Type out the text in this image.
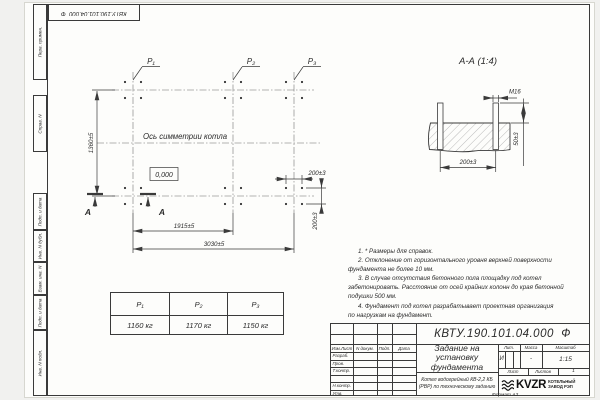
КВТУ.190.101.04.000  Ф
Перв. примен.
Справ. N
Подп. и дата
Инв. N дубл.
Взам. инв. N
Подп. и дата
Инв. N подл.
P₁	P₂	P₃
Ось симметрии котла
0,000
1360±5
1915±5
3030±5
200±3
200±3
А	А
А-А (1:4)
М16
50±3
200±3
1. * Размеры для справок.
2. Отклонение от горизонтального уровня верхней поверхности
фундамента не более 10 мм.
3. В случае отсутствия бетонного пола площадку под котел
забетонировать. Расстояние от осей крайних колонн до края бетонной
подушки 500 мм.
4. Фундамент под котел разрабатывает проектная организация
по нагрузкам на фундамент.
P₁	P₂	P₃
1160 кг	1170 кг	1150 кг
КВТУ.190.101.04.000  Ф
Изм.Лист N докум.	Подп.	Дата
Разраб.
Пров.
Т.контр.
Н.контр.
Утв.
Задание на установку фундамента
Котел водогрейный КВ-2,2 КБ (РВР) по техническому заданию
Лит.	Масса	Масштаб
И	-	1:15
Лист	Листов	1
KVZR КОТЕЛЬНЫЙ ЗАВОД РЭП
Формат А3
